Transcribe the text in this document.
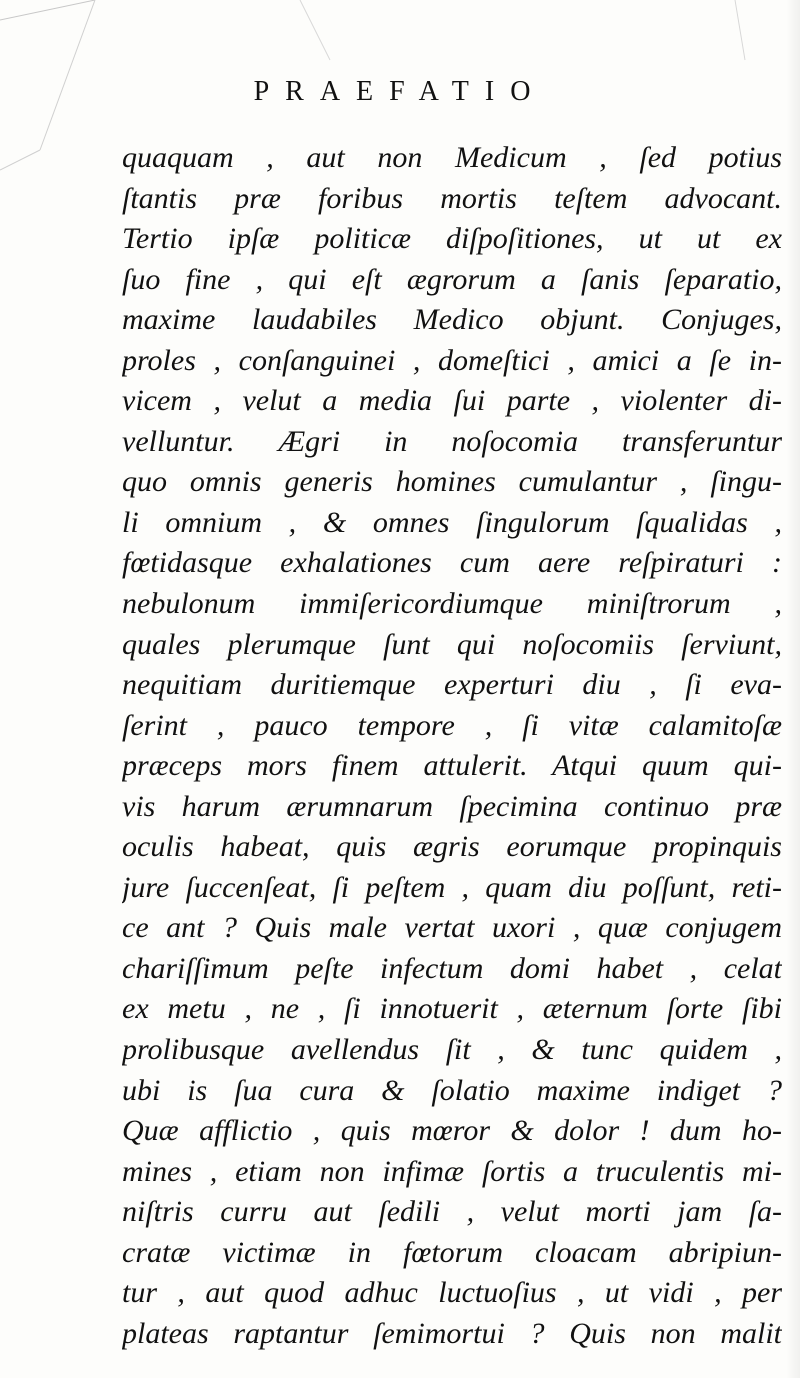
PRAEFATIO
quaquam , aut non Medicum , ſed potius
ſtantis præ foribus mortis teſtem advocant.
Tertio ipſæ politicæ diſpoſitiones, ut ut ex
ſuo fine , qui eſt ægrorum a ſanis ſeparatio,
maxime laudabiles Medico objunt. Conjuges,
proles , conſanguinei , domeſtici , amici a ſe in-
vicem , velut a media ſui parte , violenter di-
velluntur. Ægri in noſocomia transferuntur
quo omnis generis homines cumulantur , ſingu-
li omnium , & omnes ſingulorum ſqualidas ,
fœtidasque exhalationes cum aere reſpiraturi :
nebulonum immiſericordiumque miniſtrorum ,
quales plerumque ſunt qui noſocomiis ſerviunt,
nequitiam duritiemque experturi diu , ſi eva-
ſerint , pauco tempore , ſi vitæ calamitoſæ
præceps mors finem attulerit. Atqui quum qui-
vis harum ærumnarum ſpecimina continuo præ
oculis habeat, quis ægris eorumque propinquis
jure ſuccenſeat, ſi peſtem , quam diu poſſunt, reti-
ce ant ? Quis male vertat uxori , quæ conjugem
chariſſimum peſte infectum domi habet , celat
ex metu , ne , ſi innotuerit , æternum ſorte ſibi
prolibusque avellendus ſit , & tunc quidem ,
ubi is ſua cura & ſolatio maxime indiget ?
Quæ afflictio , quis mœror & dolor ! dum ho-
mines , etiam non infimæ ſortis a truculentis mi-
niſtris curru aut ſedili , velut morti jam ſa-
cratæ victimæ in fœtorum cloacam abripiun-
tur , aut quod adhuc luctuoſius , ut vidi , per
plateas raptantur ſemimortui ? Quis non malit
